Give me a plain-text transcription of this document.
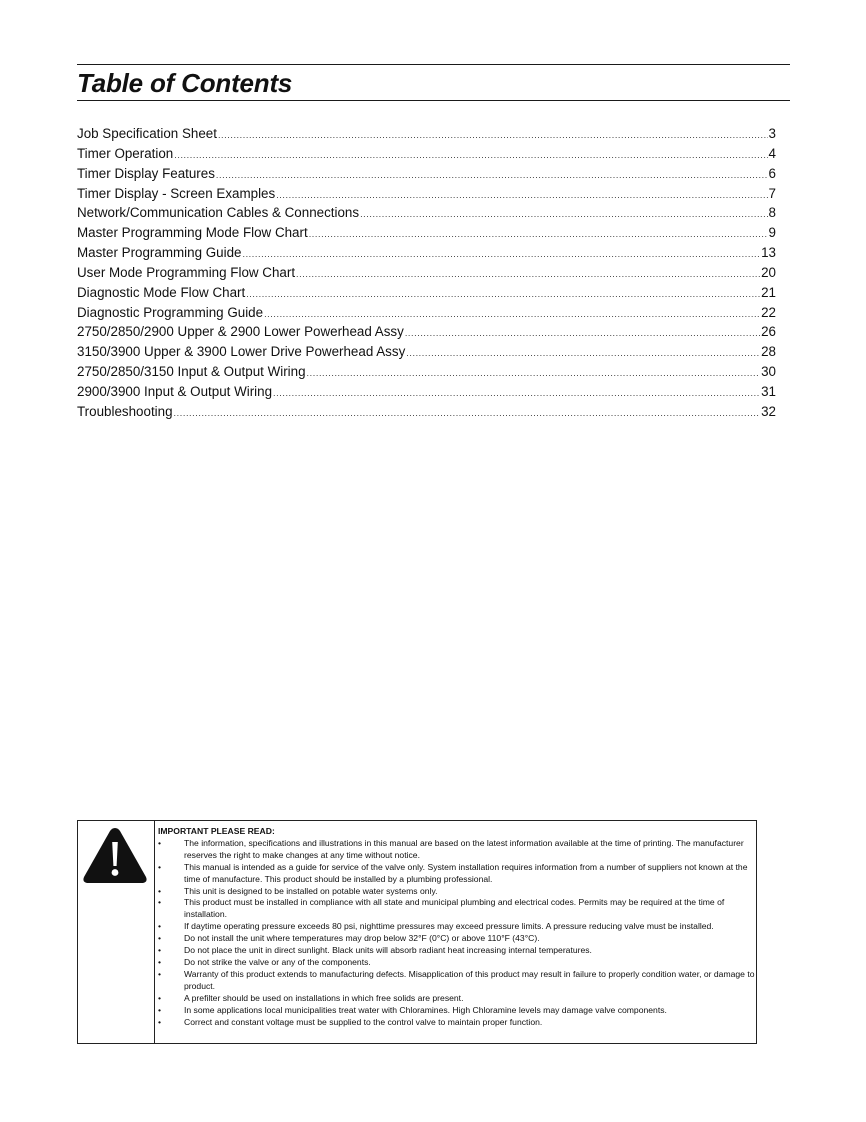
Table of Contents
Job Specification Sheet .....	3
Timer Operation .....	4
Timer Display Features .....	6
Timer Display - Screen Examples .....	7
Network/Communication Cables & Connections .....	8
Master Programming Mode Flow Chart .....	9
Master Programming Guide .....	13
User Mode Programming Flow Chart .....	20
Diagnostic Mode Flow Chart .....	21
Diagnostic Programming Guide .....	22
2750/2850/2900 Upper & 2900 Lower Powerhead Assy .....	26
3150/3900 Upper & 3900 Lower Drive Powerhead Assy .....	28
2750/2850/3150 Input & Output Wiring .....	30
2900/3900 Input & Output Wiring .....	31
Troubleshooting .....	32

IMPORTANT PLEASE READ:

•	The information, specifications and illustrations in this manual are based on the latest information available at the time of printing. The manufacturer reserves the right to make changes at any time without notice.
•	This manual is intended as a guide for service of the valve only. System installation requires information from a number of suppliers not known at the time of manufacture. This product should be installed by a plumbing professional.
•	This unit is designed to be installed on potable water systems only.
•	This product must be installed in compliance with all state and municipal plumbing and electrical codes. Permits may be required at the time of installation.
•	If daytime operating pressure exceeds 80 psi, nighttime pressures may exceed pressure limits. A pressure reducing valve must be installed.
•	Do not install the unit where temperatures may drop below 32°F (0°C) or above 110°F (43°C).
•	Do not place the unit in direct sunlight. Black units will absorb radiant heat increasing internal temperatures.
•	Do not strike the valve or any of the components.
•	Warranty of this product extends to manufacturing defects. Misapplication of this product may result in failure to properly condition water, or damage to product.
•	A prefilter should be used on installations in which free solids are present.
•	In some applications local municipalities treat water with Chloramines. High Chloramine levels may damage valve components.
•	Correct and constant voltage must be supplied to the control valve to maintain proper function.
